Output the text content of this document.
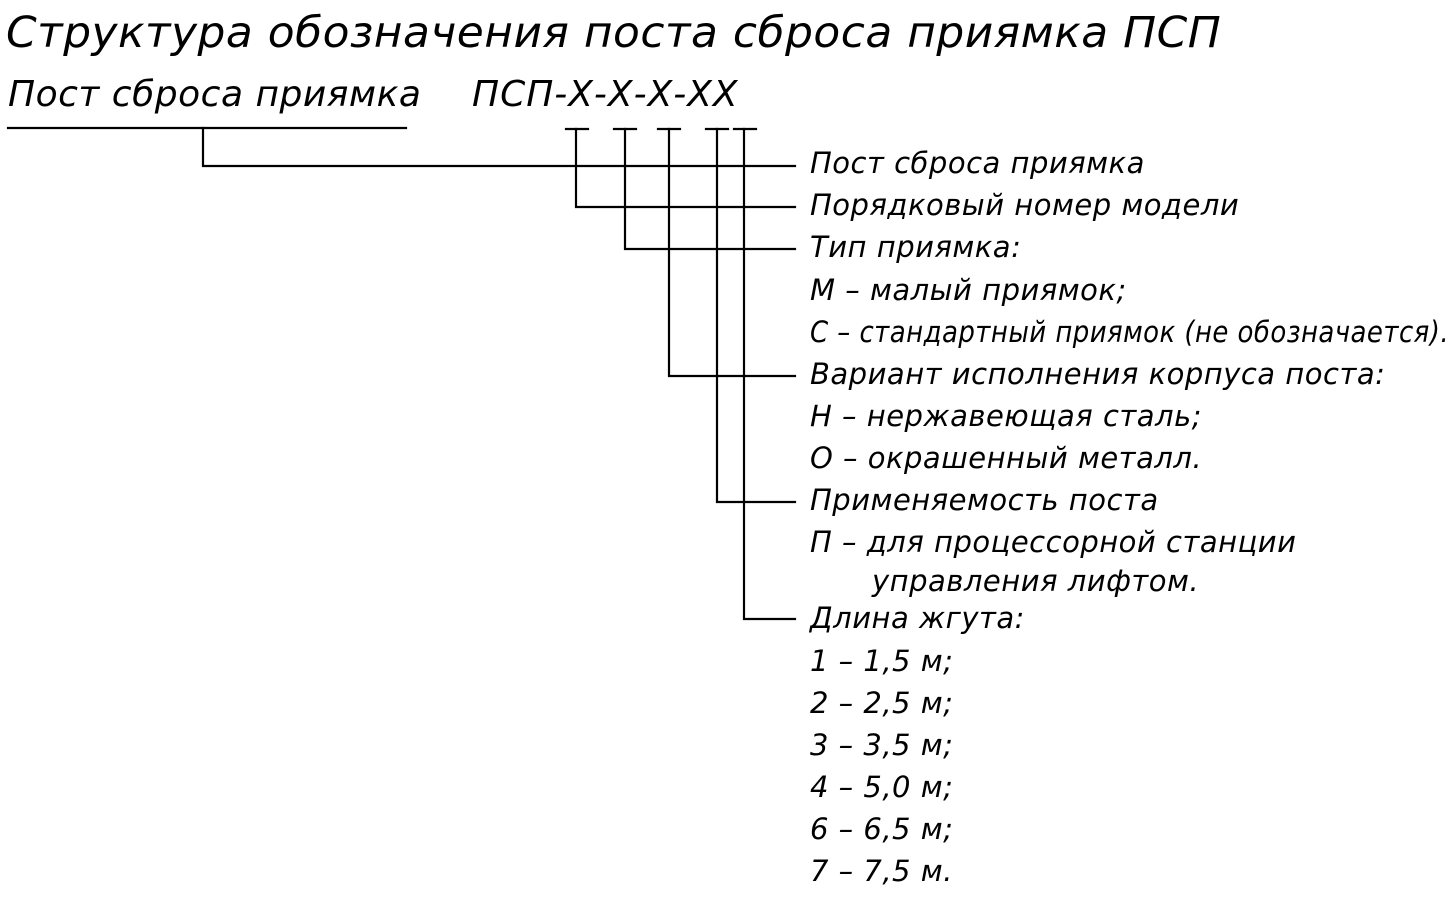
Структура обозначения поста сброса приямка ПСП
Пост сброса приямка ПСП-Х-Х-Х-ХХ
Пост сброса приямка
Порядковый номер модели
Тип приямка:
М – малый приямок;
С – стандартный приямок (не обозначается).
Вариант исполнения корпуса поста:
Н – нержавеющая сталь;
О – окрашенный металл.
Применяемость поста
П – для процессорной станции
управления лифтом.
Длина жгута:
1 – 1,5 м;
2 – 2,5 м;
3 – 3,5 м;
4 – 5,0 м;
6 – 6,5 м;
7 – 7,5 м.
